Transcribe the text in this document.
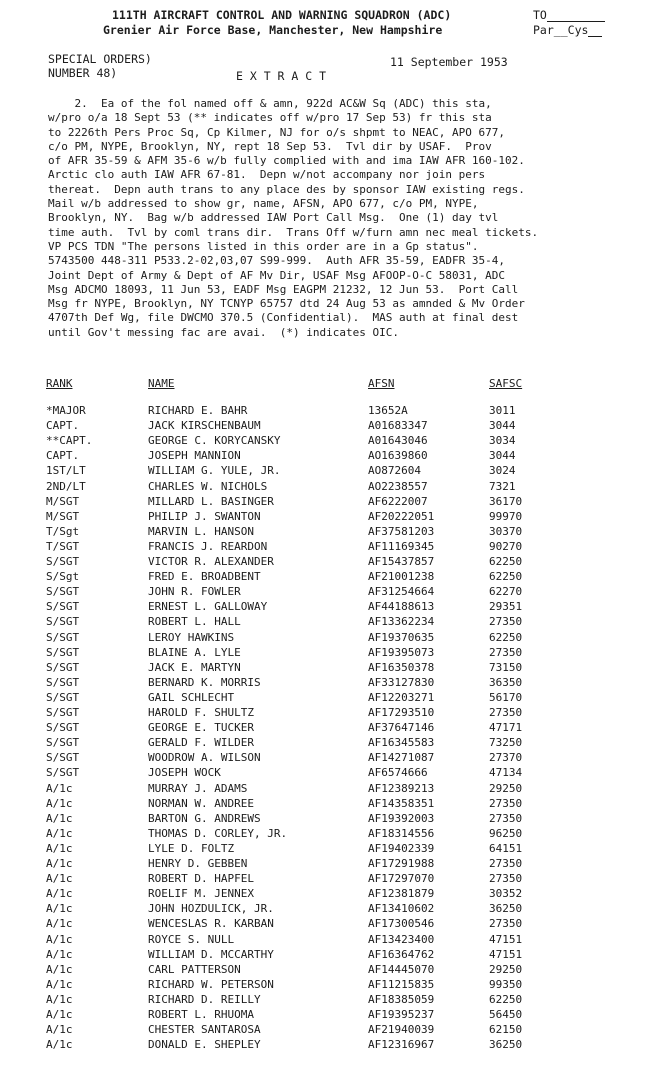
111TH AIRCRAFT CONTROL AND WARNING SQUADRON (ADC)
Grenier Air Force Base, Manchester, New Hampshire
TO
Par__Cys
SPECIAL ORDERS)
NUMBER 48)
11 September 1953
E X T R A C T
2.  Ea of the fol named off & amn, 922d AC&W Sq (ADC) this sta,
w/pro o/a 18 Sept 53 (** indicates off w/pro 17 Sep 53) fr this sta
to 2226th Pers Proc Sq, Cp Kilmer, NJ for o/s shpmt to NEAC, APO 677,
c/o PM, NYPE, Brooklyn, NY, rept 18 Sep 53.  Tvl dir by USAF.  Prov
of AFR 35-59 & AFM 35-6 w/b fully complied with and ima IAW AFR 160-102.
Arctic clo auth IAW AFR 67-81.  Depn w/not accompany nor join pers
thereat.  Depn auth trans to any place des by sponsor IAW existing regs.
Mail w/b addressed to show gr, name, AFSN, APO 677, c/o PM, NYPE,
Brooklyn, NY.  Bag w/b addressed IAW Port Call Msg.  One (1) day tvl
time auth.  Tvl by coml trans dir.  Trans Off w/furn amn nec meal tickets.
VP PCS TDN "The persons listed in this order are in a Gp status".
5743500 448-311 P533.2-02,03,07 S99-999.  Auth AFR 35-59, EADFR 35-4,
Joint Dept of Army & Dept of AF Mv Dir, USAF Msg AFOOP-O-C 58031, ADC
Msg ADCMO 18093, 11 Jun 53, EADF Msg EAGPM 21232, 12 Jun 53.  Port Call
Msg fr NYPE, Brooklyn, NY TCNYP 65757 dtd 24 Aug 53 as amnded & Mv Order
4707th Def Wg, file DWCMO 370.5 (Confidential).  MAS auth at final dest
until Gov't messing fac are avai.  (*) indicates OIC.
RANK	NAME	AFSN	SAFSC
*MAJOR	RICHARD E. BAHR	13652A	3011
CAPT.	JACK KIRSCHENBAUM	A01683347	3044
**CAPT.	GEORGE C. KORYCANSKY	A01643046	3034
CAPT.	JOSEPH MANNION	AO1639860	3044
1ST/LT	WILLIAM G. YULE, JR.	AO872604	3024
2ND/LT	CHARLES W. NICHOLS	AO2238557	7321
M/SGT	MILLARD L. BASINGER	AF6222007	36170
M/SGT	PHILIP J. SWANTON	AF20222051	99970
T/Sgt	MARVIN L. HANSON	AF37581203	30370
T/SGT	FRANCIS J. REARDON	AF11169345	90270
S/SGT	VICTOR R. ALEXANDER	AF15437857	62250
S/Sgt	FRED E. BROADBENT	AF21001238	62250
S/SGT	JOHN R. FOWLER	AF31254664	62270
S/SGT	ERNEST L. GALLOWAY	AF44188613	29351
S/SGT	ROBERT L. HALL	AF13362234	27350
S/SGT	LEROY HAWKINS	AF19370635	62250
S/SGT	BLAINE A. LYLE	AF19395073	27350
S/SGT	JACK E. MARTYN	AF16350378	73150
S/SGT	BERNARD K. MORRIS	AF33127830	36350
S/SGT	GAIL SCHLECHT	AF12203271	56170
S/SGT	HAROLD F. SHULTZ	AF17293510	27350
S/SGT	GEORGE E. TUCKER	AF37647146	47171
S/SGT	GERALD F. WILDER	AF16345583	73250
S/SGT	WOODROW A. WILSON	AF14271087	27370
S/SGT	JOSEPH WOCK	AF6574666	47134
A/1c	MURRAY J. ADAMS	AF12389213	29250
A/1c	NORMAN W. ANDREE	AF14358351	27350
A/1c	BARTON G. ANDREWS	AF19392003	27350
A/1c	THOMAS D. CORLEY, JR.	AF18314556	96250
A/1c	LYLE D. FOLTZ	AF19402339	64151
A/1c	HENRY D. GEBBEN	AF17291988	27350
A/1c	ROBERT D. HAPFEL	AF17297070	27350
A/1c	ROELIF M. JENNEX	AF12381879	30352
A/1c	JOHN HOZDULICK, JR.	AF13410602	36250
A/1c	WENCESLAS R. KARBAN	AF17300546	27350
A/1c	ROYCE S. NULL	AF13423400	47151
A/1c	WILLIAM D. MCCARTHY	AF16364762	47151
A/1c	CARL PATTERSON	AF14445070	29250
A/1c	RICHARD W. PETERSON	AF11215835	99350
A/1c	RICHARD D. REILLY	AF18385059	62250
A/1c	ROBERT L. RHUOMA	AF19395237	56450
A/1c	CHESTER SANTAROSA	AF21940039	62150
A/1c	DONALD E. SHEPLEY	AF12316967	36250
